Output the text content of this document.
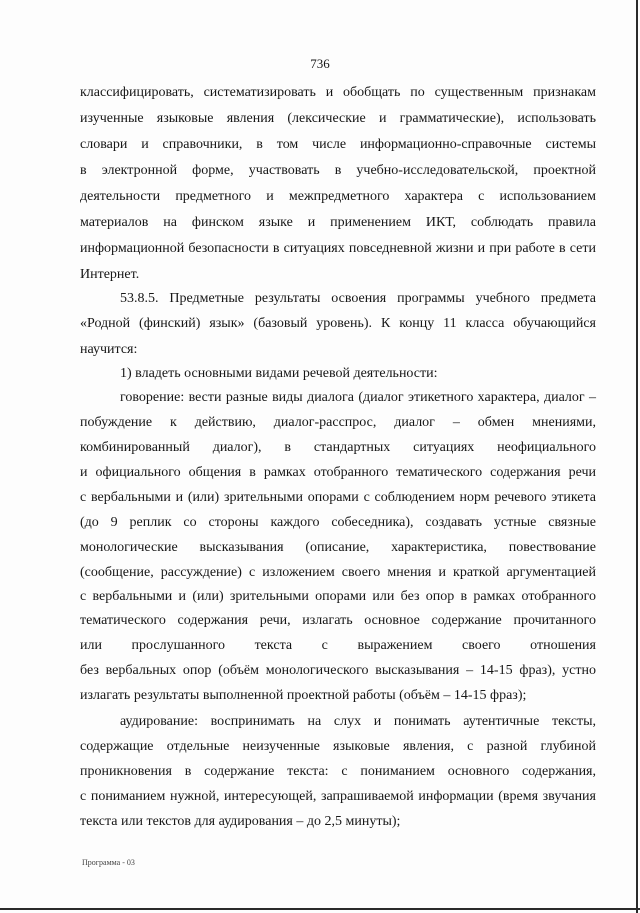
736
классифицировать, систематизировать и обобщать по существенным признакам
изученные языковые явления (лексические и грамматические), использовать
словари и справочники, в том числе информационно-справочные системы
в электронной форме, участвовать в учебно-исследовательской, проектной
деятельности предметного и межпредметного характера с использованием
материалов на финском языке и применением ИКТ, соблюдать правила
информационной безопасности в ситуациях повседневной жизни и при работе в сети
Интернет.
53.8.5. Предметные результаты освоения программы учебного предмета
«Родной (финский) язык» (базовый уровень). К концу 11 класса обучающийся
научится:
1) владеть основными видами речевой деятельности:
говорение: вести разные виды диалога (диалог этикетного характера, диалог –
побуждение к действию, диалог-расспрос, диалог – обмен мнениями,
комбинированный диалог), в стандартных ситуациях неофициального
и официального общения в рамках отобранного тематического содержания речи
с вербальными и (или) зрительными опорами с соблюдением норм речевого этикета
(до 9 реплик со стороны каждого собеседника), создавать устные связные
монологические высказывания (описание, характеристика, повествование
(сообщение, рассуждение) с изложением своего мнения и краткой аргументацией
с вербальными и (или) зрительными опорами или без опор в рамках отобранного
тематического содержания речи, излагать основное содержание прочитанного
или прослушанного текста с выражением своего отношения
без вербальных опор (объём монологического высказывания – 14-15 фраз), устно
излагать результаты выполненной проектной работы (объём – 14-15 фраз);
аудирование: воспринимать на слух и понимать аутентичные тексты,
содержащие отдельные неизученные языковые явления, с разной глубиной
проникновения в содержание текста: с пониманием основного содержания,
с пониманием нужной, интересующей, запрашиваемой информации (время звучания
текста или текстов для аудирования – до 2,5 минуты);
Программа - 03
